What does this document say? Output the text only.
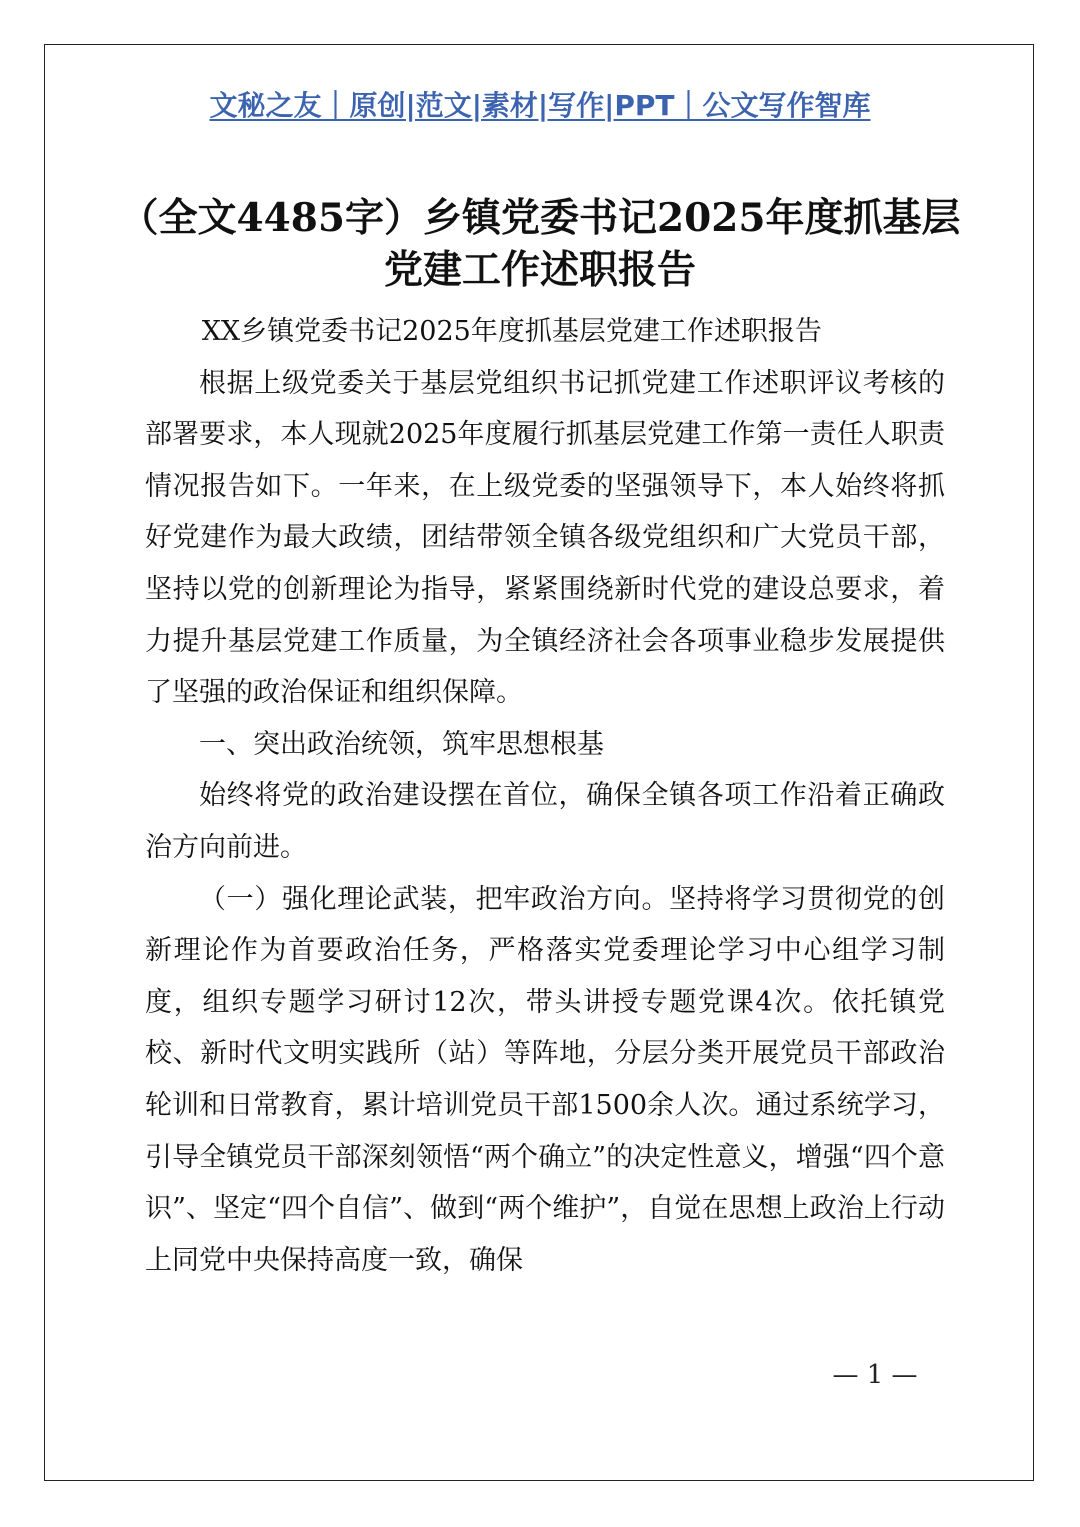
文秘之友｜原创|范文|素材|写作|PPT｜公文写作智库
（全文4485字）乡镇党委书记2025年度抓基层党建工作述职报告

XX乡镇党委书记2025年度抓基层党建工作述职报告

根据上级党委关于基层党组织书记抓党建工作述职评议考核的部署要求，本人现就2025年度履行抓基层党建工作第一责任人职责情况报告如下。一年来，在上级党委的坚强领导下，本人始终将抓好党建作为最大政绩，团结带领全镇各级党组织和广大党员干部，坚持以党的创新理论为指导，紧紧围绕新时代党的建设总要求，着力提升基层党建工作质量，为全镇经济社会各项事业稳步发展提供了坚强的政治保证和组织保障。

一、突出政治统领，筑牢思想根基

始终将党的政治建设摆在首位，确保全镇各项工作沿着正确政治方向前进。

（一）强化理论武装，把牢政治方向。坚持将学习贯彻党的创新理论作为首要政治任务，严格落实党委理论学习中心组学习制度，组织专题学习研讨12次，带头讲授专题党课4次。依托镇党校、新时代文明实践所（站）等阵地，分层分类开展党员干部政治轮训和日常教育，累计培训党员干部1500余人次。通过系统学习，引导全镇党员干部深刻领悟“两个确立”的决定性意义，增强“四个意识”、坚定“四个自信”、做到“两个维护”，自觉在思想上政治上行动上同党中央保持高度一致，确保

— 1 —
